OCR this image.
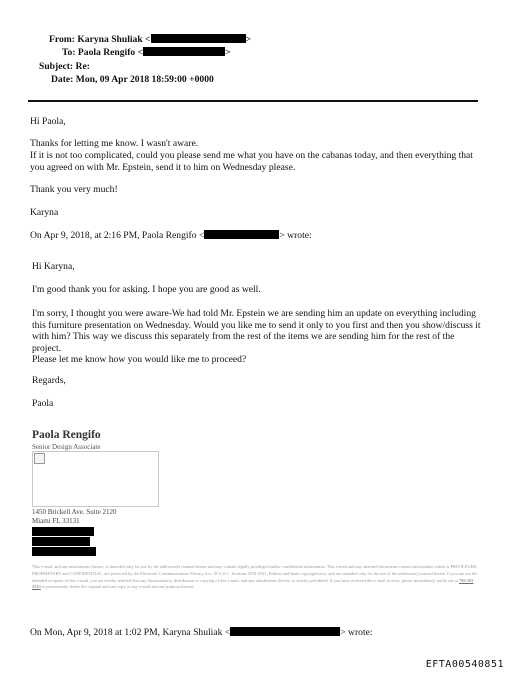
From: Karyna Shuliak <	>
To: Paola Rengifo <	>
Subject: Re:
Date: Mon, 09 Apr 2018 18:59:00 +0000

Hi Paola,

Thanks for letting me know. I wasn't aware.

If it is not too complicated, could you please send me what you have on the cabanas today, and then everything that you agreed on with Mr. Epstein, send it to him on Wednesday please.

Thank you very much!

Karyna

On Apr 9, 2018, at 2:16 PM, Paola Rengifo <	> wrote:

Hi Karyna,

I'm good thank you for asking. I hope you are good as well.

I'm sorry, I thought you were aware-We had told Mr. Epstein we are sending him an update on everything including this furniture presentation on Wednesday. Would you like me to send it only to you first and then you show/discuss it with him? This way we discuss this separately from the rest of the items we are sending him for the rest of the project.

Please let me know how you would like me to proceed?

Regards,

Paola

Paola Rengifo
Senior Design Associate
1450 Brickell Ave. Suite 2120
Miami FL 33131
This e-mail, and any attachments thereto, is intended only for use by the addressee(s) named herein and may contain legally privileged and/or confidential information. This e-mail and any attached documents contain information which is PRIVILEGED, PROPRIETARY and CONFIDENTIAL, are protected by the Electronic Communications Privacy Act, 18 U.S.C. Sections 2510-2521, Federal and State copyright laws, and are intended only for the use of the addressee(s) named herein. If you are not the intended recipient of this e-mail, you are hereby notified that any dissemination, distribution or copying of this e-mail, and any attachments thereto, is strictly prohibited. If you have received this e-mail in error, please immediately notify me at 786 502 4543 to permanently delete the original and any copy of any e-mail and any printout thereof.

On Mon, Apr 9, 2018 at 1:02 PM, Karyna Shuliak <	> wrote:

EFTA00540851
